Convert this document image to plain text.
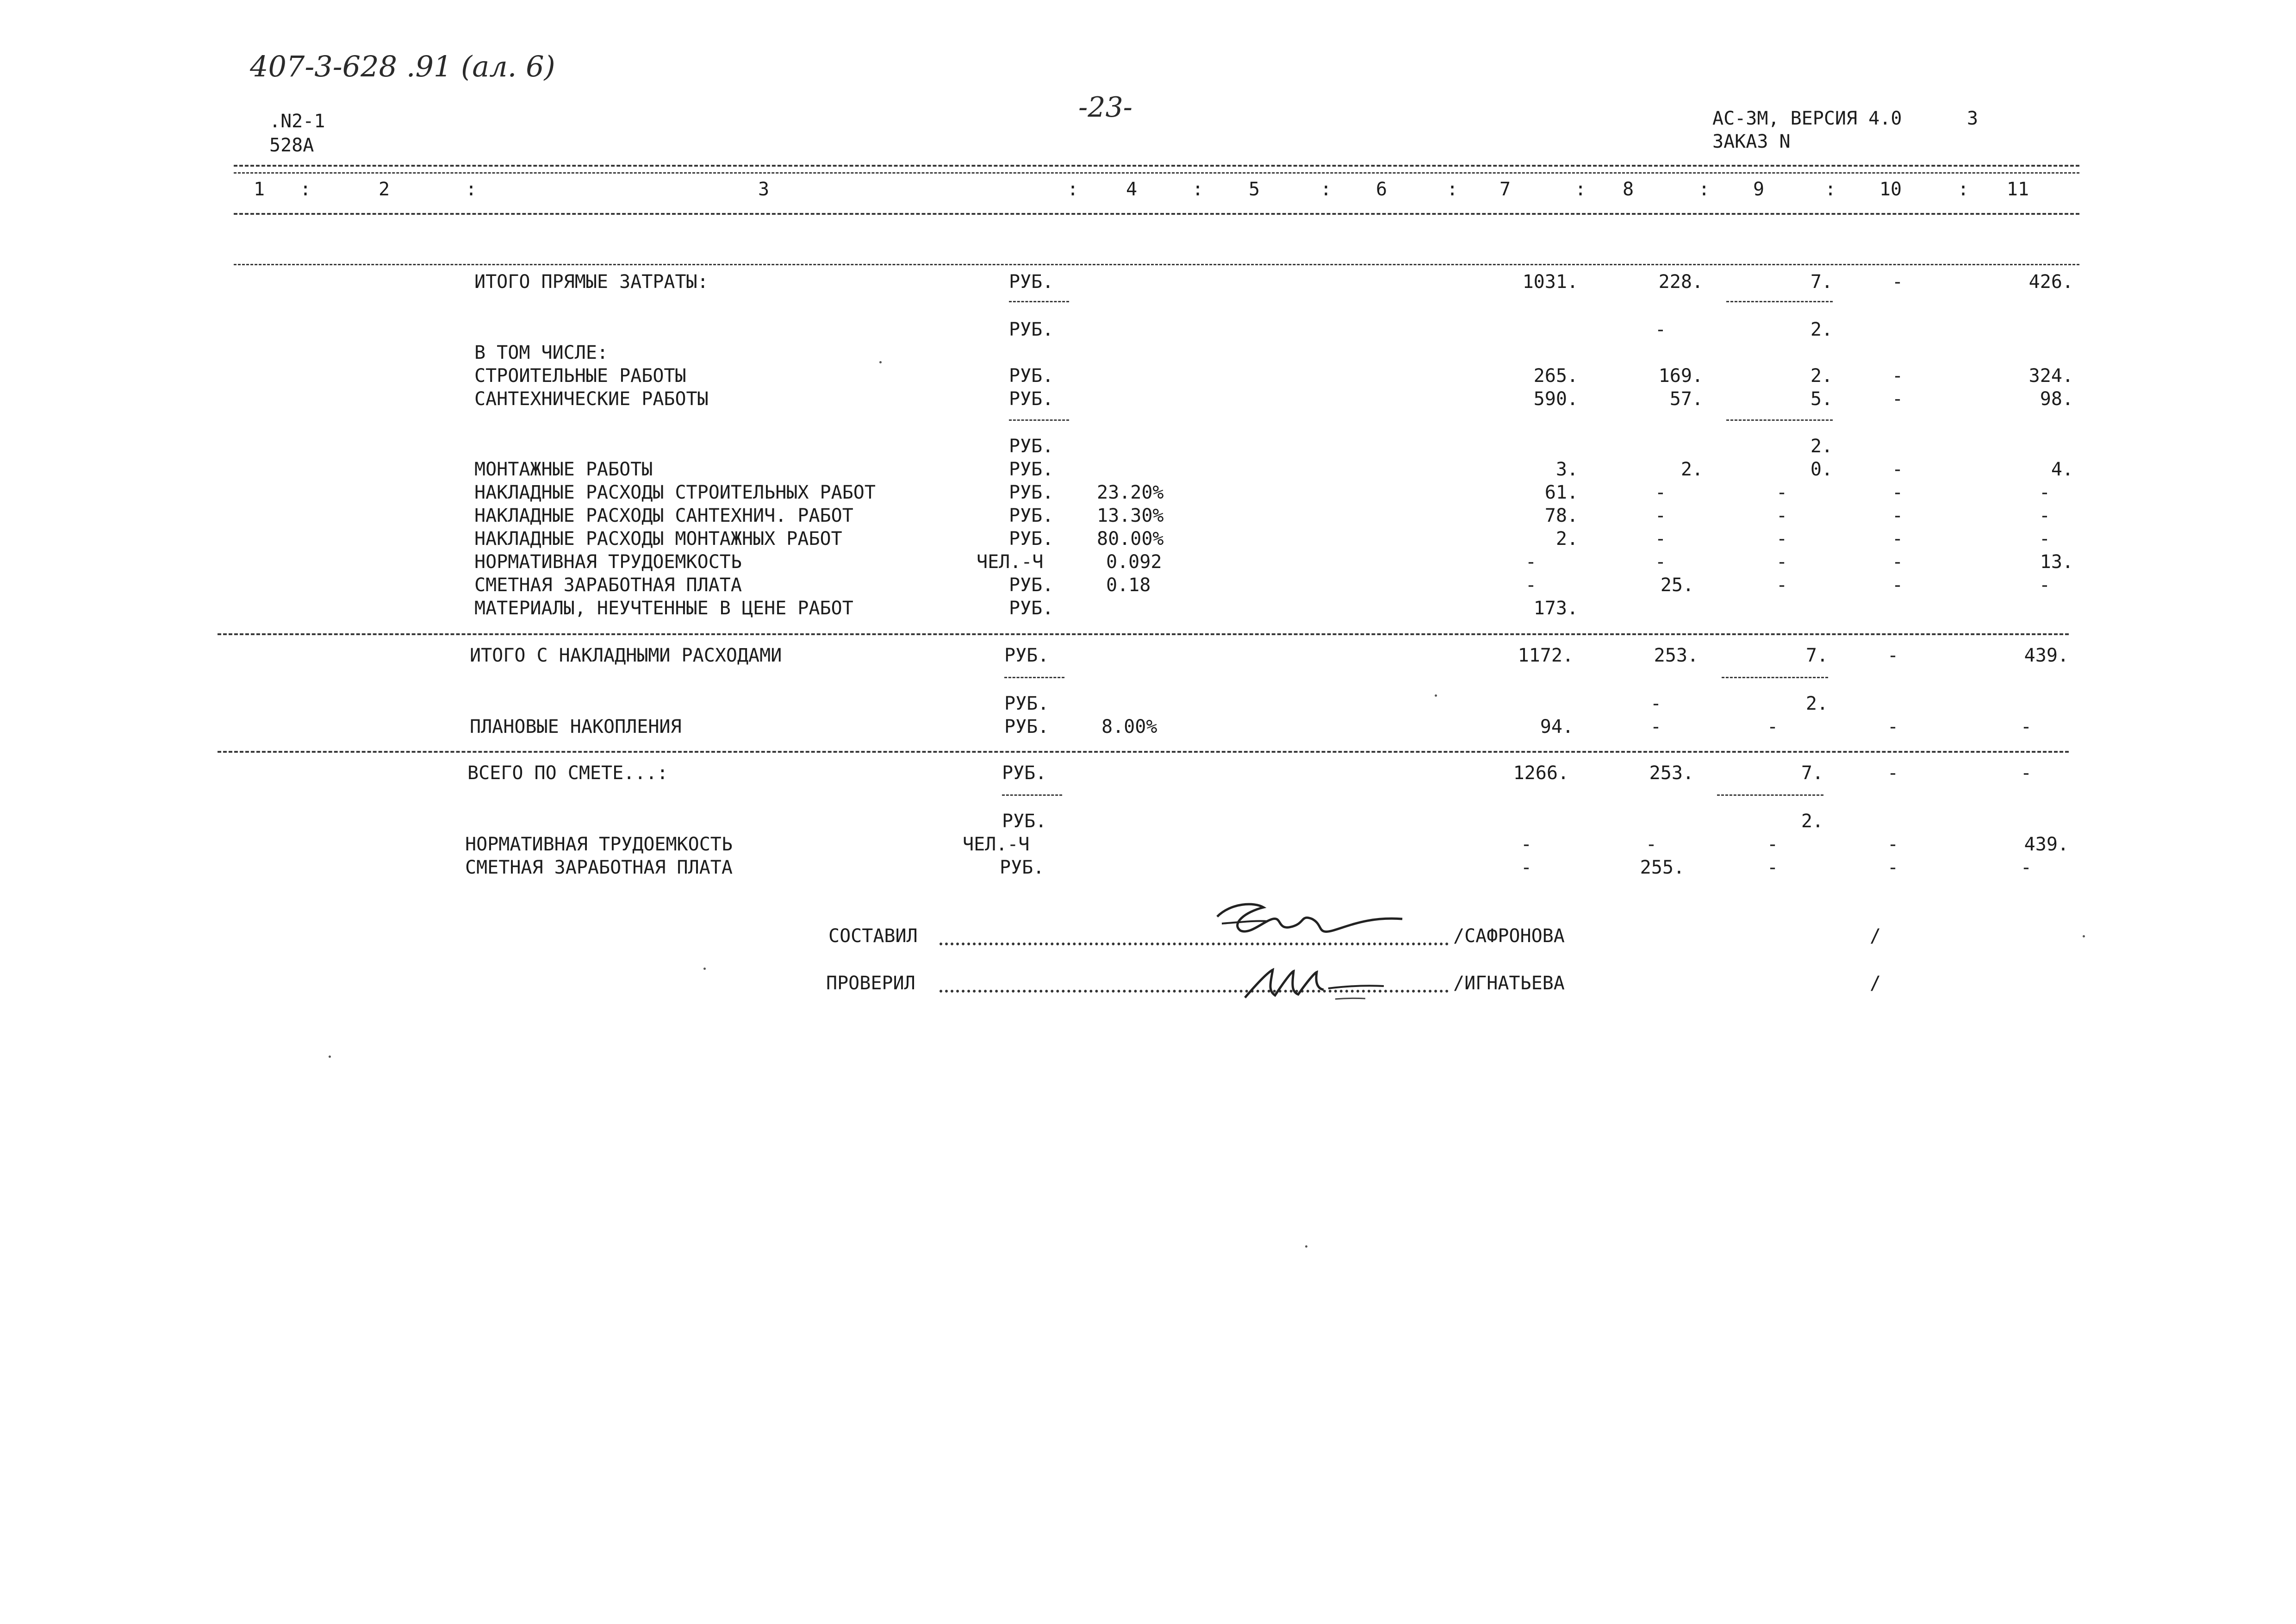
407-3-628 .91 (ал. 6)
.N2-1
528A
-23-	АС-3М, ВЕРСИЯ 4.0	3
ЗАКАЗ N
1	:	2	:	3	:	4	:	5	:	6	:	7	:	8	:	9	:	10	:	11
ИТОГО ПРЯМЫЕ ЗАТРАТЫ:	РУБ.	1031.	228.	7.	-	426.
РУБ.	-	2.
В ТОМ ЧИСЛЕ:
СТРОИТЕЛЬНЫЕ РАБОТЫ	РУБ.	265.	169.	2.	-	324.
САНТЕХНИЧЕСКИЕ РАБОТЫ	РУБ.	590.	57.	5.	-	98.
РУБ.	2.
МОНТАЖНЫЕ РАБОТЫ	РУБ.	3.	2.	0.	-	4.
НАКЛАДНЫЕ РАСХОДЫ СТРОИТЕЛЬНЫХ РАБОТ	РУБ. 23.20%	61.	-	-	-	-
НАКЛАДНЫЕ РАСХОДЫ САНТЕХНИЧ. РАБОТ	РУБ. 13.30%	78.	-	-	-	-
НАКЛАДНЫЕ РАСХОДЫ МОНТАЖНЫХ РАБОТ	РУБ. 80.00%	2.	-	-	-	-
НОРМАТИВНАЯ ТРУДОЕМКОСТЬ	ЧЕЛ.-Ч	0.092	-	-	-	-	13.
СМЕТНАЯ ЗАРАБОТНАЯ ПЛАТА	РУБ.	0.18	-	25.	-	-	-
МАТЕРИАЛЫ, НЕУЧТЕННЫЕ В ЦЕНЕ РАБОТ	РУБ.	173.
ИТОГО С НАКЛАДНЫМИ РАСХОДАМИ	РУБ.	1172.	253.	7.	-	439.
РУБ.	-	2.
ПЛАНОВЫЕ НАКОПЛЕНИЯ	РУБ.	8.00%	94.	-	-	-	-
ВСЕГО ПО СМЕТЕ...:	РУБ.	1266.	253.	7.	-	-
РУБ.	2.
НОРМАТИВНАЯ ТРУДОЕМКОСТЬ	ЧЕЛ.-Ч	-	-	-	-	439.
СМЕТНАЯ ЗАРАБОТНАЯ ПЛАТА	РУБ.	-	255.	-	-	-
СОСТАВИЛ	/САФРОНОВА	/
ПРОВЕРИЛ	/ИГНАТЬЕВА	/
